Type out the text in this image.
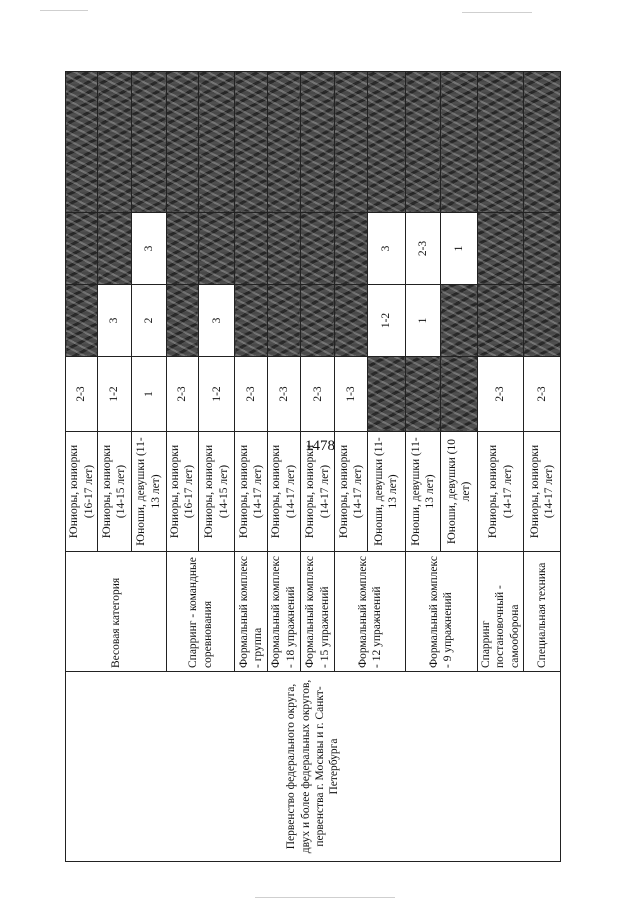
1478
Первенство федерального округа, двух и более федеральных округов, первенства г. Москвы и г. Санкт-Петербурга	Весовая категория	Юниоры, юниорки (16-17 лет)	2-3			
		Юниоры, юниорки (14-15 лет)	1-2	3		
		Юноши, девушки (11-13 лет)	1	2	3	
	Спарринг - командные соревнования	Юниоры, юниорки (16-17 лет)	2-3			
		Юниоры, юниорки (14-15 лет)	1-2	3		
	Формальный комплекс - группа	Юниоры, юниорки (14-17 лет)	2-3			
	Формальный комплекс - 18 упражнений	Юниоры, юниорки (14-17 лет)	2-3			
	Формальный комплекс - 15 упражнений	Юниоры, юниорки (14-17 лет)	2-3			
	Формальный комплекс - 12 упражнений	Юниоры, юниорки (14-17 лет)	1-3			
		Юноши, девушки (11-13 лет)		1-2	3	
	Формальный комплекс - 9 упражнений	Юноши, девушки (11-13 лет)		1	2-3	
		Юноши, девушки (10 лет)			1	
	Спарринг постановочный - самооборона	Юниоры, юниорки (14-17 лет)	2-3			
	Специальная техника	Юниоры, юниорки (14-17 лет)	2-3			
